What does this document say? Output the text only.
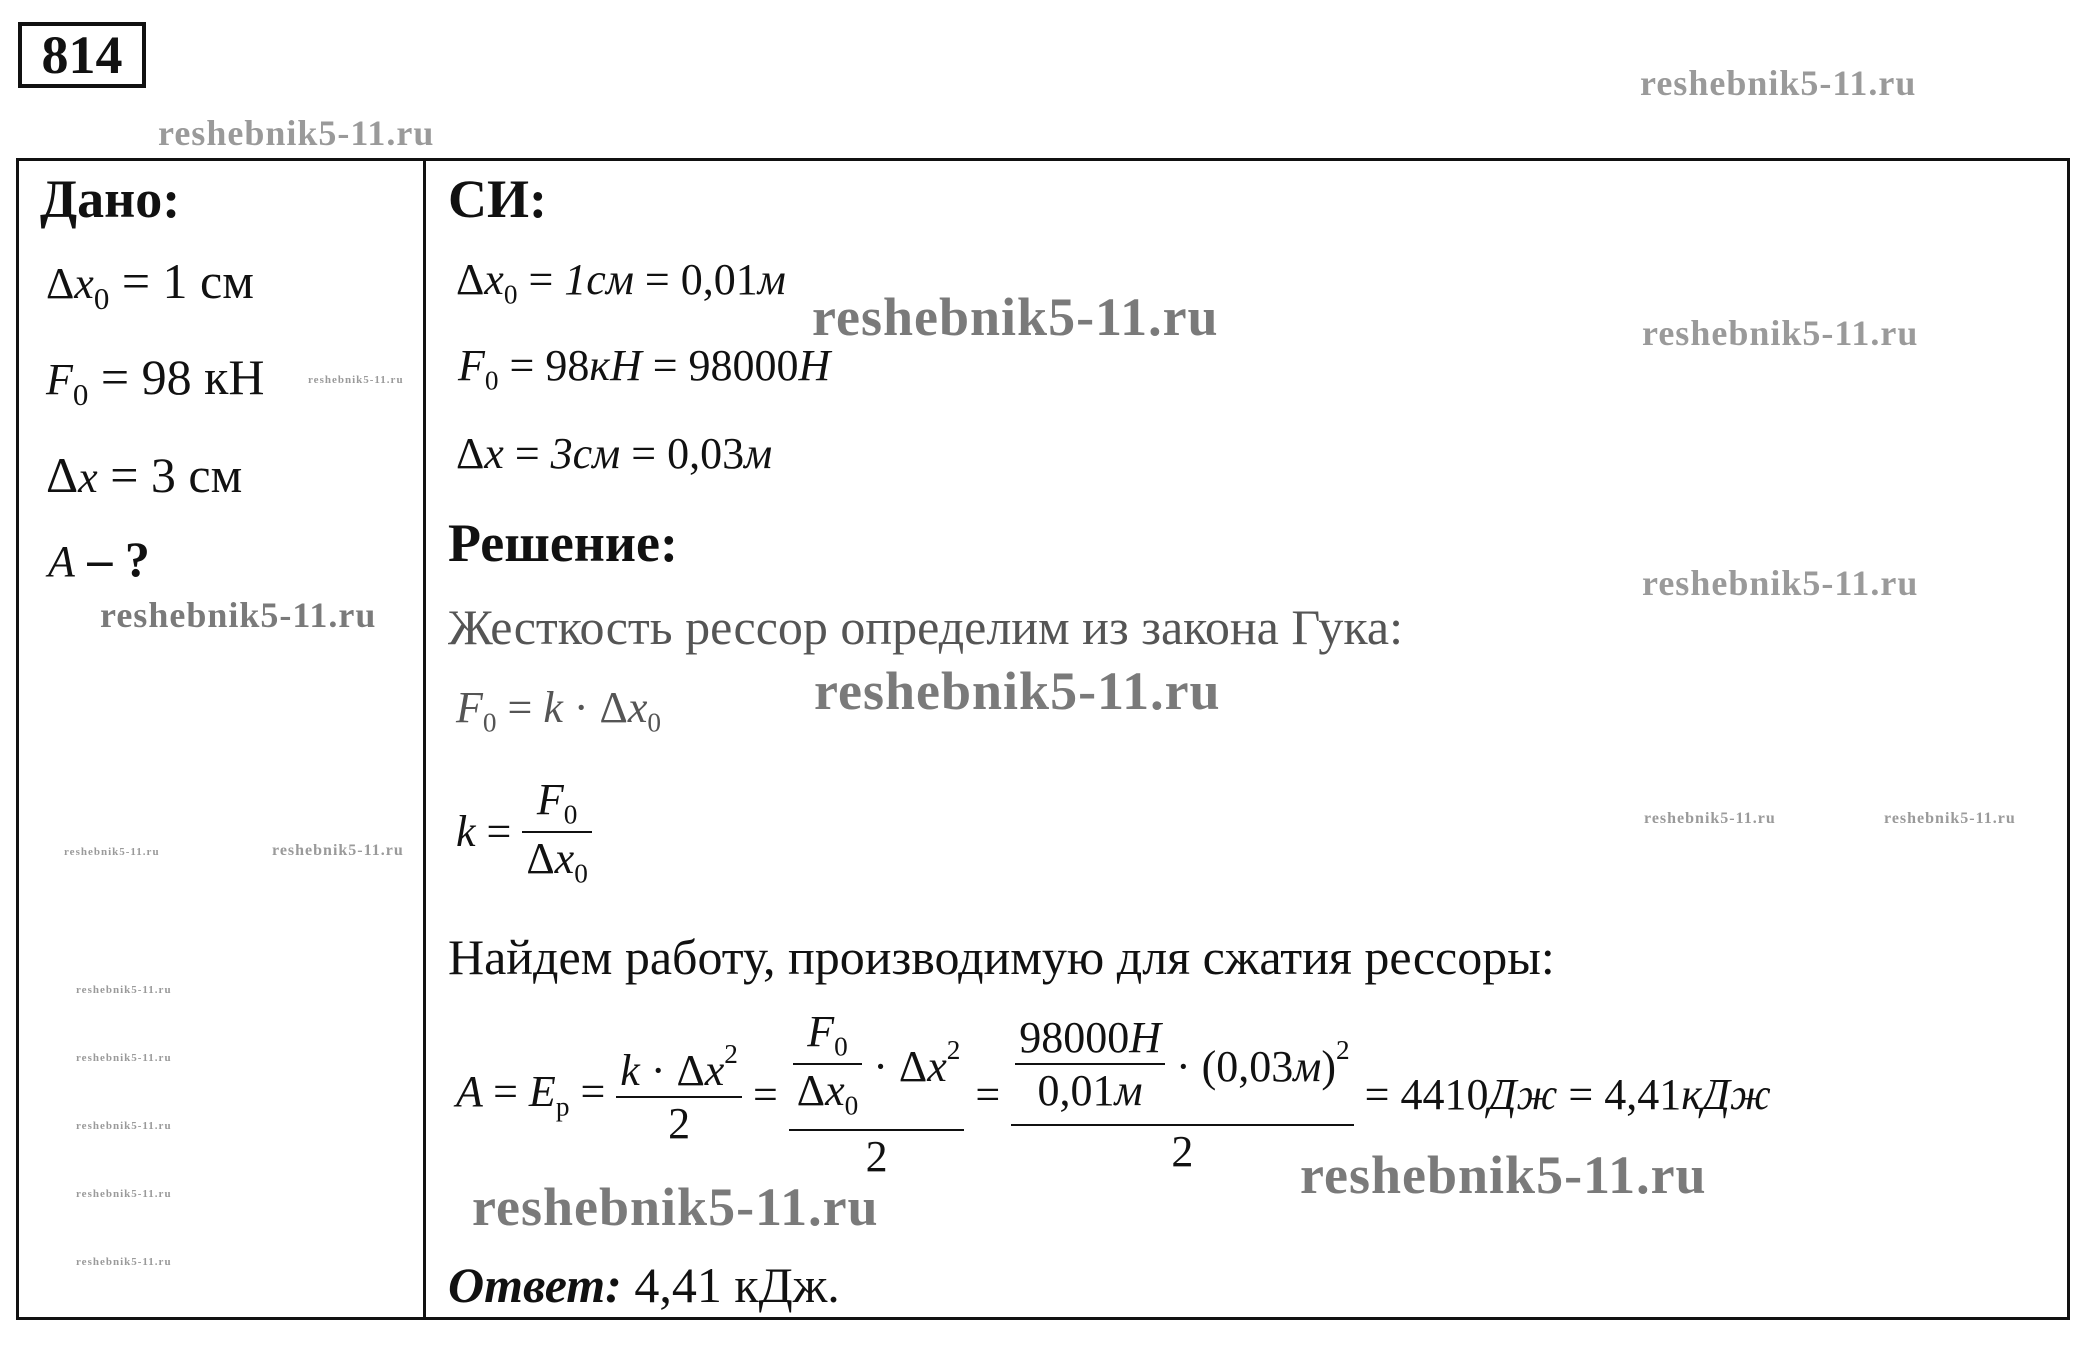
814	reshebnik5-11.ru
reshebnik5-11.ru
Дано:
$\Delta x_0 = 1$ см
$F_0 = 98$ кН	reshebnik5-11.ru
Δx = 3 см
A – ?
reshebnik5-11.ru
reshebnik5-11.ru	reshebnik5-11.ru
reshebnik5-11.ru
reshebnik5-11.ru
reshebnik5-11.ru
reshebnik5-11.ru
reshebnik5-11.ru
СИ:
$\Delta x_0 = 1см = 0,01м$
reshebnik5-11.ru	reshebnik5-11.ru
$F_0 = 98кН = 98000Н$
Δx = 3см = 0,03м
Решение:
reshebnik5-11.ru
Жесткость рессор определим из закона Гука:
$F_0 = k \cdot \Delta x_0$
reshebnik5-11.ru
$k = \frac{F_0}{\Delta x_0}$	reshebnik5-11.ru	reshebnik5-11.ru
Найдем работу, производимую для сжатия рессоры:
$A = E_p = \frac{k \cdot \Delta x^2}{2} = \frac{\frac{F_0}{\Delta x_0} \cdot \Delta x^2}{2} = \frac{\frac{98000Н}{0,01м} \cdot (0,03м)^2}{2} = 4410Дж = 4,41кДж$
reshebnik5-11.ru
reshebnik5-11.ru
Ответ: 4,41 кДж.
